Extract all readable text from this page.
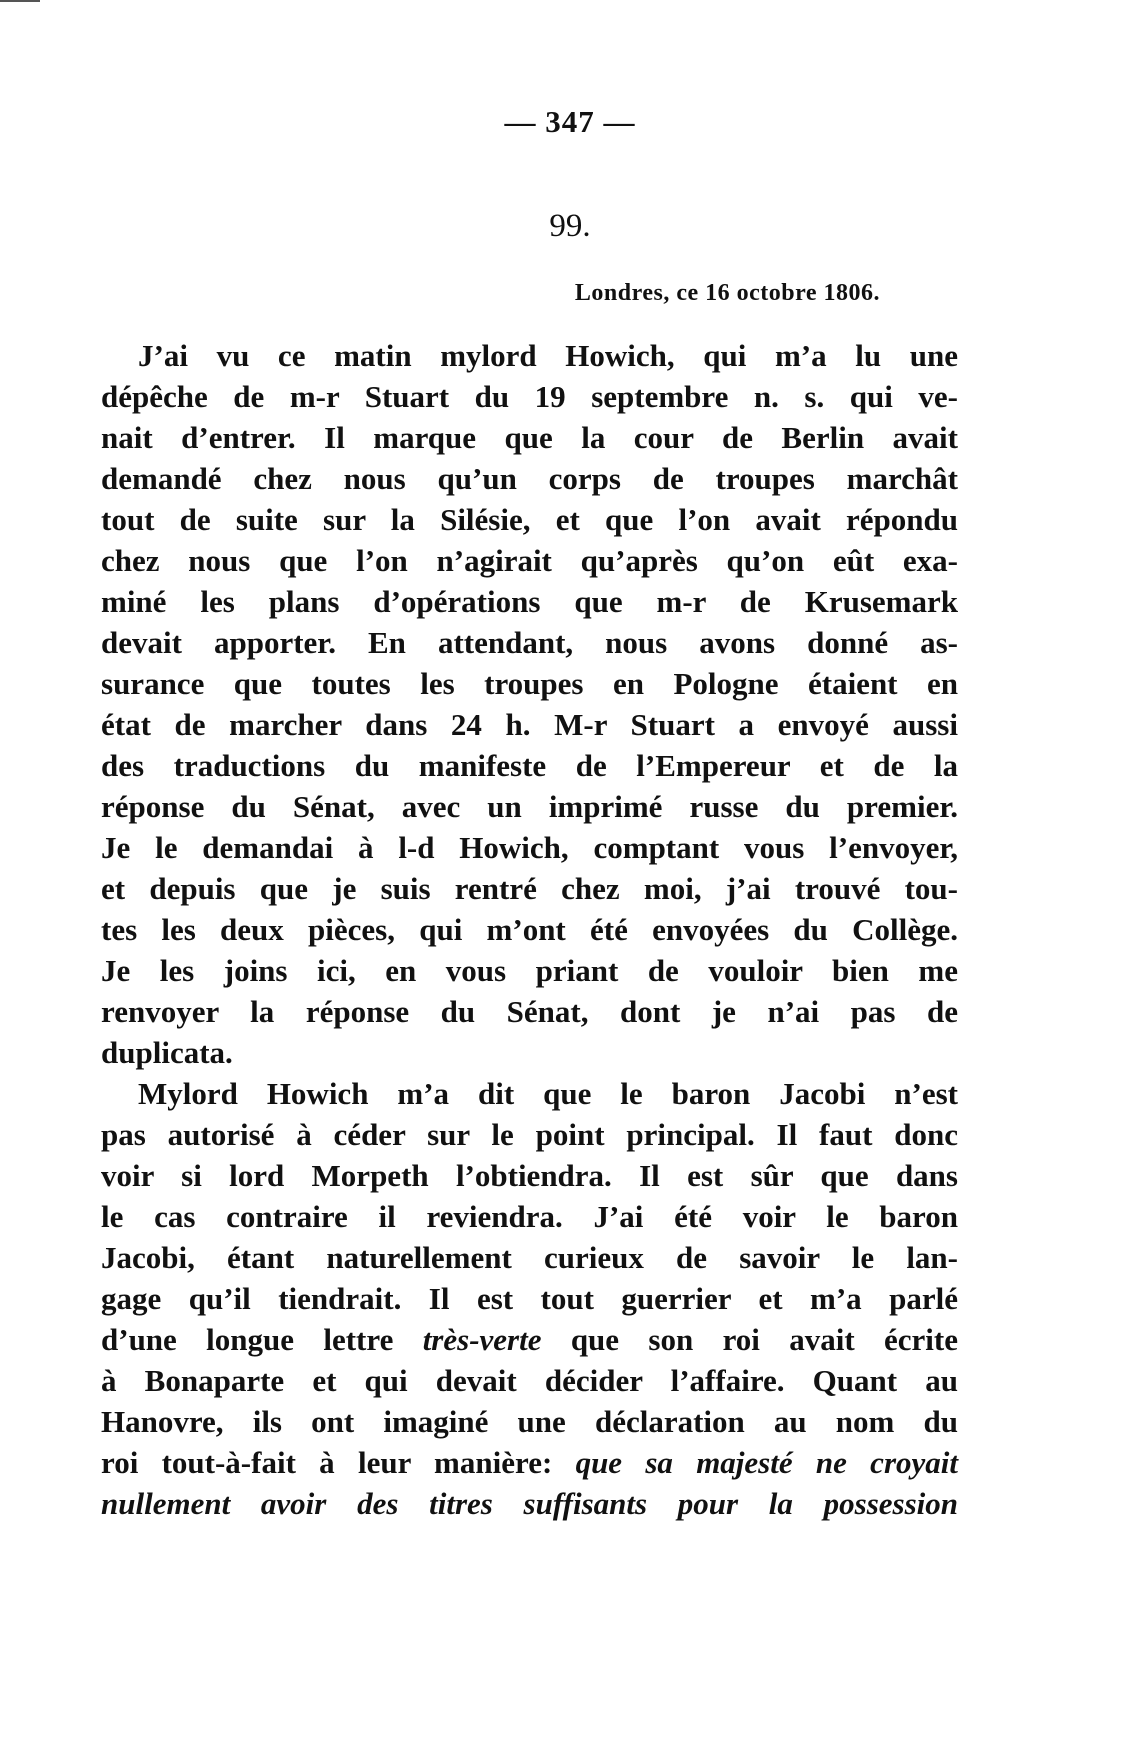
— 347 —
99.
Londres, ce 16 octobre 1806.
J’ai vu ce matin mylord Howich, qui m’a lu une
dépêche de m-r Stuart du 19 septembre n. s. qui ve-
nait d’entrer. Il marque que la cour de Berlin avait
demandé chez nous qu’un corps de troupes marchât
tout de suite sur la Silésie, et que l’on avait répondu
chez nous que l’on n’agirait qu’après qu’on eût exa-
miné les plans d’opérations que m-r de Krusemark
devait apporter. En attendant, nous avons donné as-
surance que toutes les troupes en Pologne étaient en
état de marcher dans 24 h. M-r Stuart a envoyé aussi
des traductions du manifeste de l’Empereur et de la
réponse du Sénat, avec un imprimé russe du premier.
Je le demandai à l-d Howich, comptant vous l’envoyer,
et depuis que je suis rentré chez moi, j’ai trouvé tou-
tes les deux pièces, qui m’ont été envoyées du Collège.
Je les joins ici, en vous priant de vouloir bien me
renvoyer la réponse du Sénat, dont je n’ai pas de
duplicata.
Mylord Howich m’a dit que le baron Jacobi n’est
pas autorisé à céder sur le point principal. Il faut donc
voir si lord Morpeth l’obtiendra. Il est sûr que dans
le cas contraire il reviendra. J’ai été voir le baron
Jacobi, étant naturellement curieux de savoir le lan-
gage qu’il tiendrait. Il est tout guerrier et m’a parlé
d’une longue lettre très-verte que son roi avait écrite
à Bonaparte et qui devait décider l’affaire. Quant au
Hanovre, ils ont imaginé une déclaration au nom du
roi tout-à-fait à leur manière: que sa majesté ne croyait
nullement avoir des titres suffisants pour la possession
